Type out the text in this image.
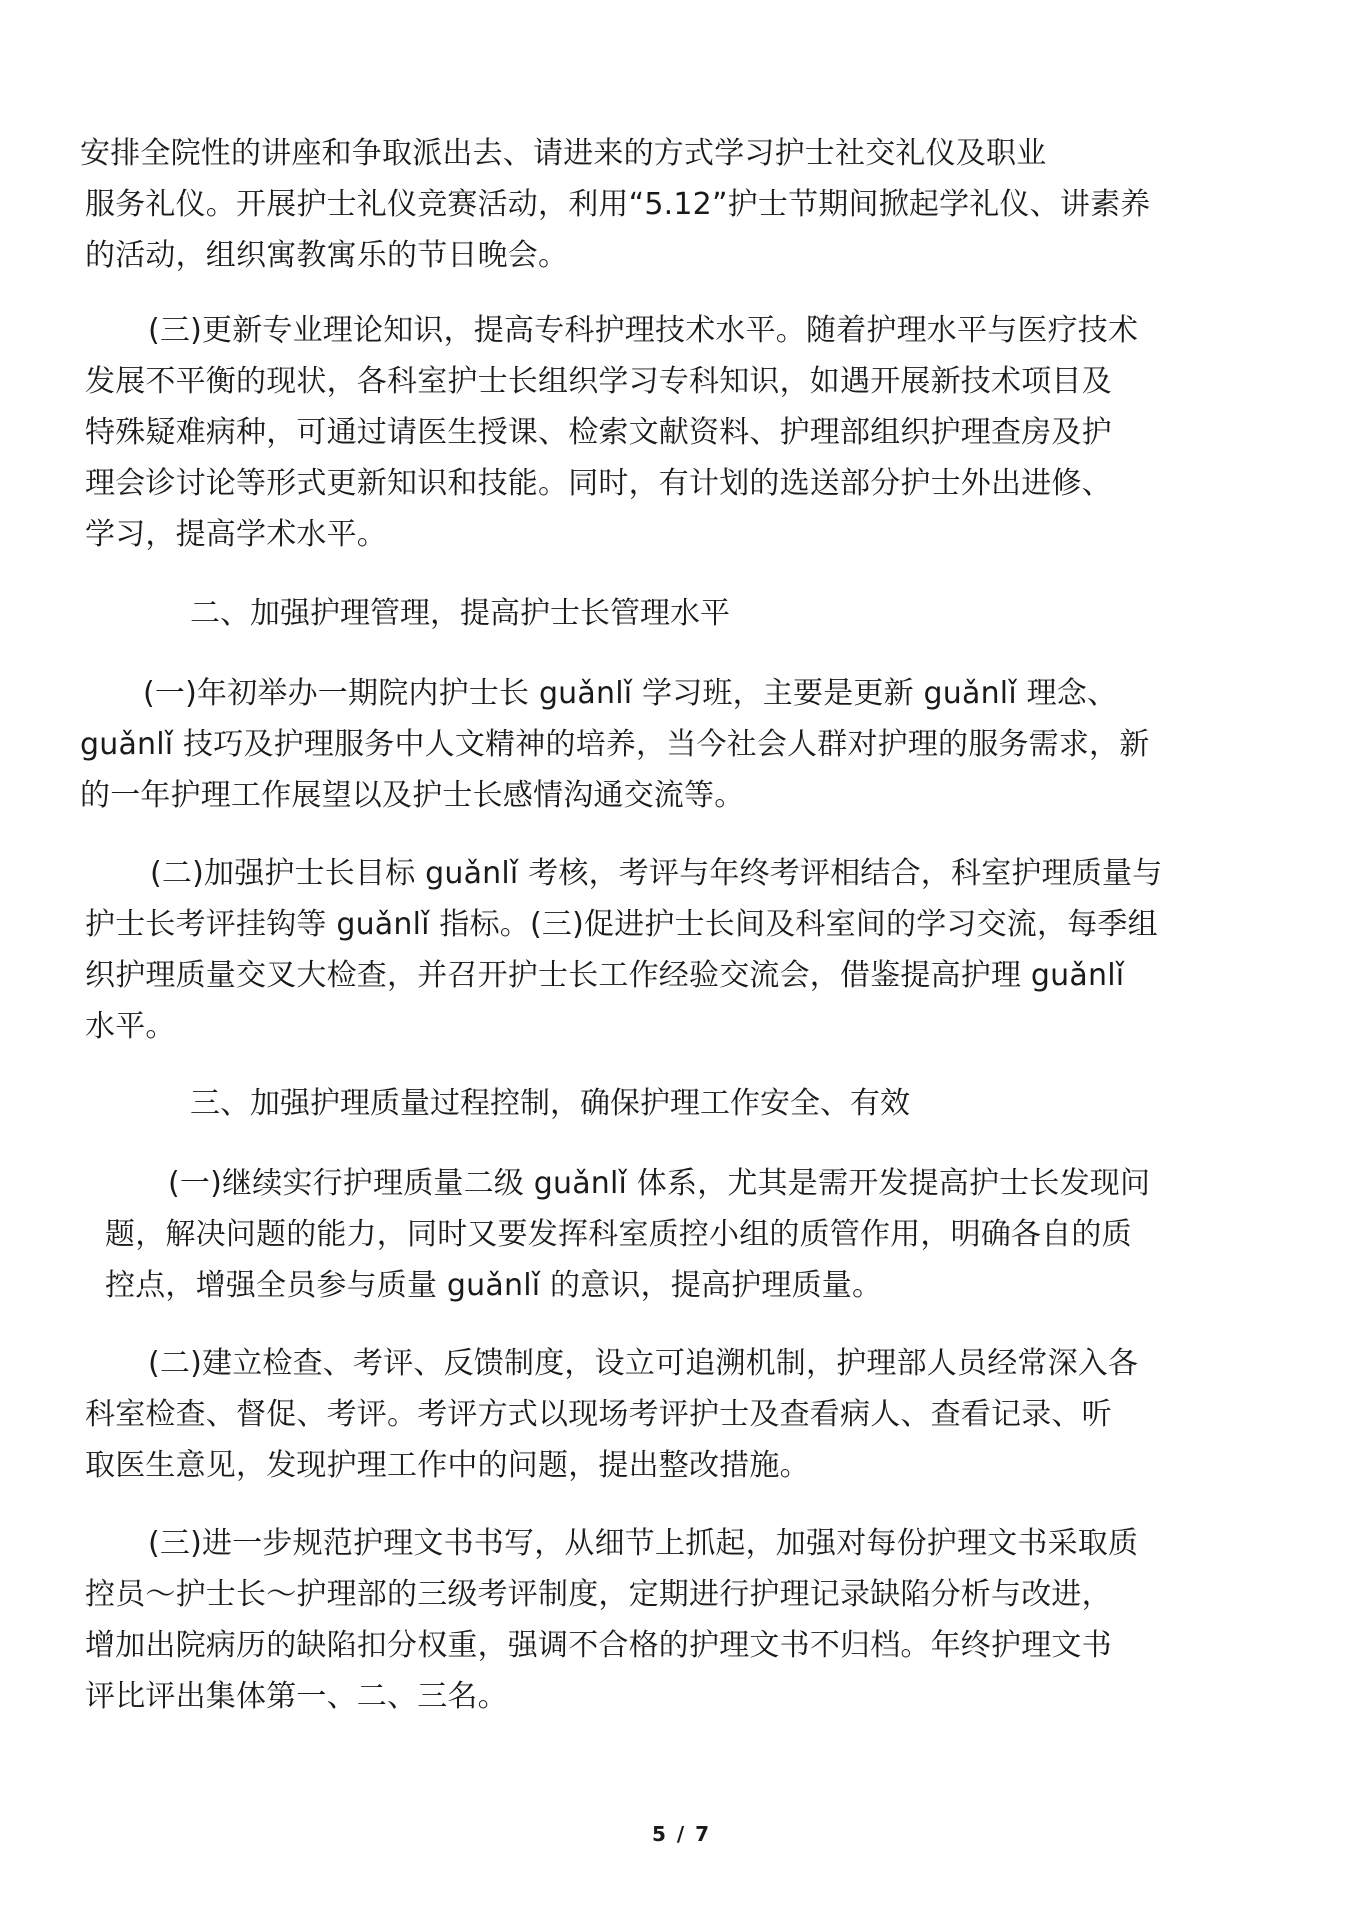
安排全院性的讲座和争取派出去、请进来的方式学习护士社交礼仪及职业
服务礼仪。开展护士礼仪竞赛活动，利用“5.12”护士节期间掀起学礼仪、讲素养
的活动，组织寓教寓乐的节日晚会。
(三)更新专业理论知识，提高专科护理技术水平。随着护理水平与医疗技术
发展不平衡的现状，各科室护士长组织学习专科知识，如遇开展新技术项目及
特殊疑难病种，可通过请医生授课、检索文献资料、护理部组织护理查房及护
理会诊讨论等形式更新知识和技能。同时，有计划的选送部分护士外出进修、
学习，提高学术水平。
二、加强护理管理，提高护士长管理水平
(一)年初举办一期院内护士长 guǎnlǐ 学习班，主要是更新 guǎnlǐ 理念、
guǎnlǐ 技巧及护理服务中人文精神的培养，当今社会人群对护理的服务需求，新
的一年护理工作展望以及护士长感情沟通交流等。
(二)加强护士长目标 guǎnlǐ 考核，考评与年终考评相结合，科室护理质量与
护士长考评挂钩等 guǎnlǐ 指标。(三)促进护士长间及科室间的学习交流，每季组
织护理质量交叉大检查，并召开护士长工作经验交流会，借鉴提高护理 guǎnlǐ
水平。
三、加强护理质量过程控制，确保护理工作安全、有效
(一)继续实行护理质量二级 guǎnlǐ 体系，尤其是需开发提高护士长发现问
题，解决问题的能力，同时又要发挥科室质控小组的质管作用，明确各自的质
控点，增强全员参与质量 guǎnlǐ 的意识，提高护理质量。
(二)建立检查、考评、反馈制度，设立可追溯机制，护理部人员经常深入各
科室检查、督促、考评。考评方式以现场考评护士及查看病人、查看记录、听
取医生意见，发现护理工作中的问题，提出整改措施。
(三)进一步规范护理文书书写，从细节上抓起，加强对每份护理文书采取质
控员～护士长～护理部的三级考评制度，定期进行护理记录缺陷分析与改进，
增加出院病历的缺陷扣分权重，强调不合格的护理文书不归档。年终护理文书
评比评出集体第一、二、三名。
5 / 7
